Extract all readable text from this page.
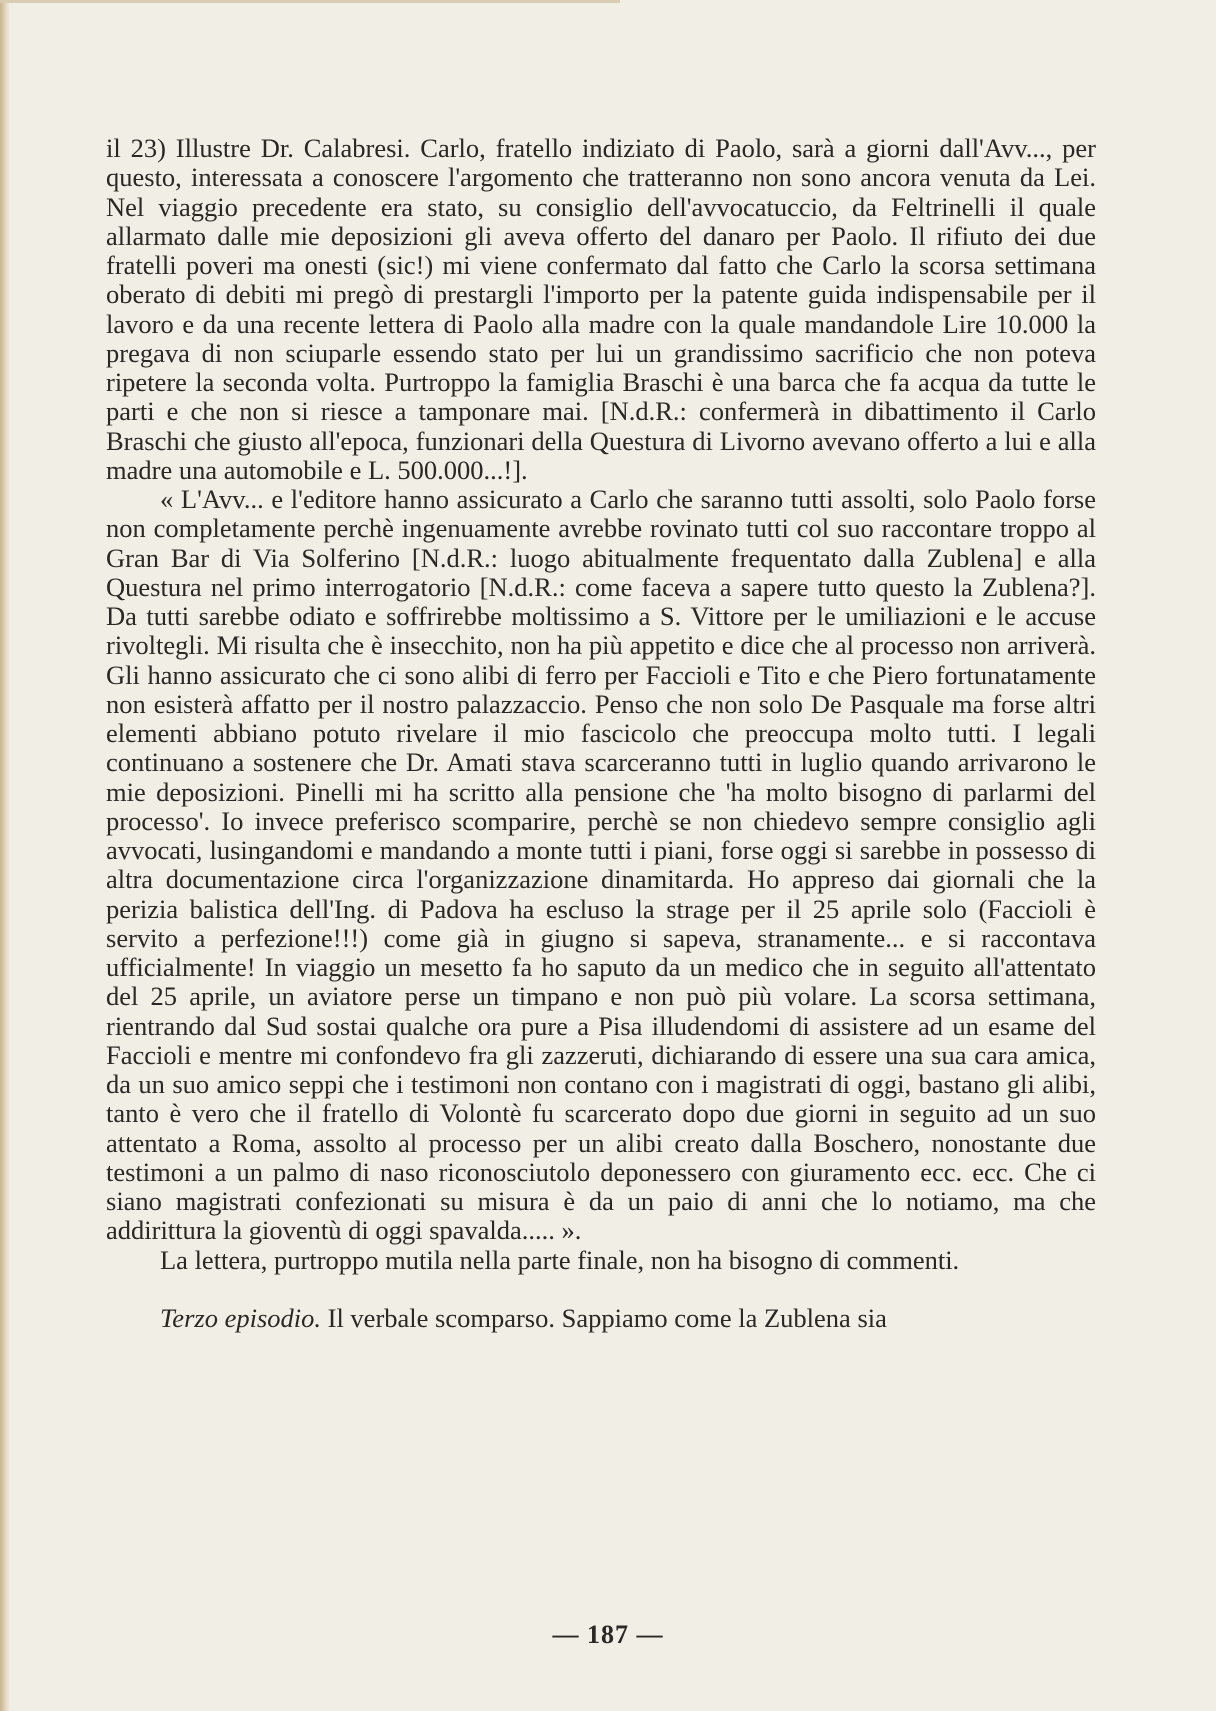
il 23) Illustre Dr. Calabresi. Carlo, fratello indiziato di Paolo, sarà a giorni dall'Avv..., per questo, interessata a conoscere l'argomento che tratteranno non sono ancora venuta da Lei. Nel viaggio precedente era stato, su consiglio dell'avvocatuccio, da Feltrinelli il quale allarmato dalle mie deposizioni gli aveva offerto del danaro per Paolo. Il rifiuto dei due fratelli poveri ma onesti (sic!) mi viene confermato dal fatto che Carlo la scorsa settimana oberato di debiti mi pregò di prestargli l'importo per la patente guida indispensabile per il lavoro e da una recente lettera di Paolo alla madre con la quale mandandole Lire 10.000 la pregava di non sciuparle essendo stato per lui un grandissimo sacrificio che non poteva ripetere la seconda volta. Purtroppo la famiglia Braschi è una barca che fa acqua da tutte le parti e che non si riesce a tamponare mai. [N.d.R.: confermerà in dibattimento il Carlo Braschi che giusto all'epoca, funzionari della Questura di Livorno avevano offerto a lui e alla madre una automobile e L. 500.000...!].

« L'Avv... e l'editore hanno assicurato a Carlo che saranno tutti assolti, solo Paolo forse non completamente perchè ingenuamente avrebbe rovinato tutti col suo raccontare troppo al Gran Bar di Via Solferino [N.d.R.: luogo abitualmente frequentato dalla Zublena] e alla Questura nel primo interrogatorio [N.d.R.: come faceva a sapere tutto questo la Zublena?]. Da tutti sarebbe odiato e soffrirebbe moltissimo a S. Vittore per le umiliazioni e le accuse rivoltegli. Mi risulta che è insecchito, non ha più appetito e dice che al processo non arriverà. Gli hanno assicurato che ci sono alibi di ferro per Faccioli e Tito e che Piero fortunatamente non esisterà affatto per il nostro palazzaccio. Penso che non solo De Pasquale ma forse altri elementi abbiano potuto rivelare il mio fascicolo che preoccupa molto tutti. I legali continuano a sostenere che Dr. Amati stava scarceranno tutti in luglio quando arrivarono le mie deposizioni. Pinelli mi ha scritto alla pensione che 'ha molto bisogno di parlarmi del processo'. Io invece preferisco scomparire, perchè se non chiedevo sempre consiglio agli avvocati, lusingandomi e mandando a monte tutti i piani, forse oggi si sarebbe in possesso di altra documentazione circa l'organizzazione dinamitarda. Ho appreso dai giornali che la perizia balistica dell'Ing. di Padova ha escluso la strage per il 25 aprile solo (Faccioli è servito a perfezione!!!) come già in giugno si sapeva, stranamente... e si raccontava ufficialmente! In viaggio un mesetto fa ho saputo da un medico che in seguito all'attentato del 25 aprile, un aviatore perse un timpano e non può più volare. La scorsa settimana, rientrando dal Sud sostai qualche ora pure a Pisa illudendomi di assistere ad un esame del Faccioli e mentre mi confondevo fra gli zazzeruti, dichiarando di essere una sua cara amica, da un suo amico seppi che i testimoni non contano con i magistrati di oggi, bastano gli alibi, tanto è vero che il fratello di Volontè fu scarcerato dopo due giorni in seguito ad un suo attentato a Roma, assolto al processo per un alibi creato dalla Boschero, nonostante due testimoni a un palmo di naso riconosciutolo deponessero con giuramento ecc. ecc. Che ci siano magistrati confezionati su misura è da un paio di anni che lo notiamo, ma che addirittura la gioventù di oggi spavalda..... ».

La lettera, purtroppo mutila nella parte finale, non ha bisogno di commenti.

Terzo episodio. Il verbale scomparso. Sappiamo come la Zublena sia

— 187 —
